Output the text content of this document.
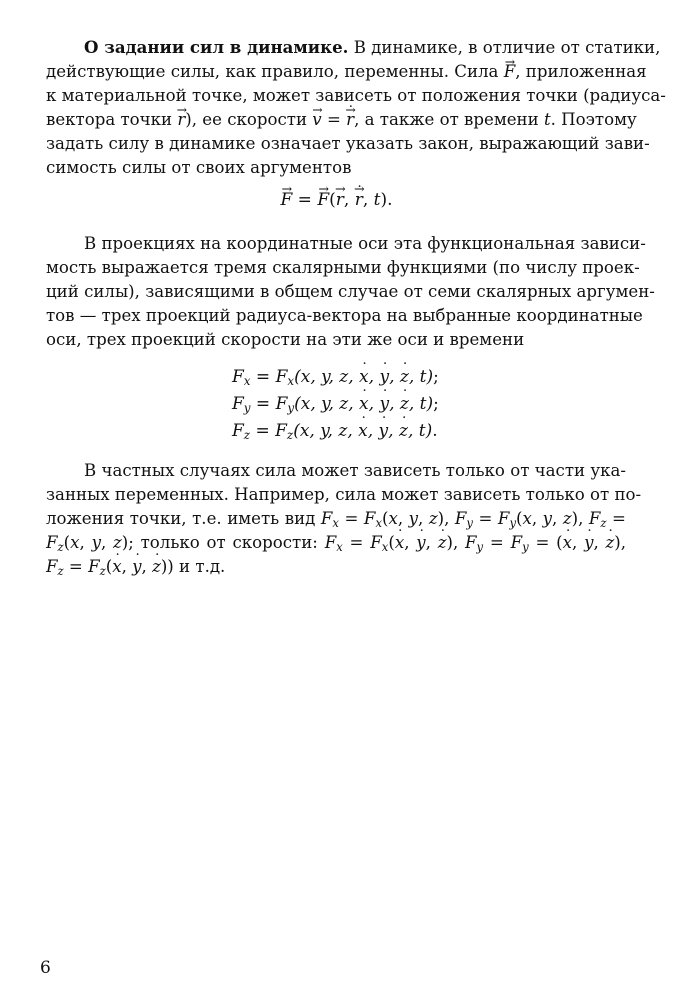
О задании сил в динамике. В динамике, в отличие от статики,
действующие силы, как правило, переменны. Сила → F, приложенная
к материальной точке, может зависеть от положения точки (радиуса-
вектора точки → r), ее скорости → v = → r ˙, а также от времени t. Поэтому
задать силу в динамике означает указать закон, выражающий зави-
симость силы от своих аргументов
→ F = → F(→ r, → r ˙, t).
В проекциях на координатные оси эта функциональная зависи-
мость выражается тремя скалярными функциями (по числу проек-
ций силы), зависящими в общем случае от семи скалярных аргумен-
тов — трех проекций радиуса-вектора на выбранные координатные
оси, трех проекций скорости на эти же оси и времени
$F_x = F_x(x$, y, z, x ˙, y ˙, z ˙, t);
$F_y = F_y(x$, y, z, x ˙, y ˙, z ˙, t);
$F_z = F_z(x$, y, z, x ˙, y ˙, z ˙, t).
В частных случаях сила может зависеть только от части ука-
занных переменных. Например, сила может зависеть только от по-
ложения точки, т.е. иметь вид $F_x = F_x(x$, y, z), $F_y = F_y(x$, y, z), $F_z$ =
$F_z(x$, y, z); только от скорости: $F_x = F_x(x$ ˙, y ˙, z ˙), $F_y = F_y = (x$ ˙, y ˙, z ˙),
$F_z = F_z(x$ ˙, y ˙, z ˙)) и т.д.
6
